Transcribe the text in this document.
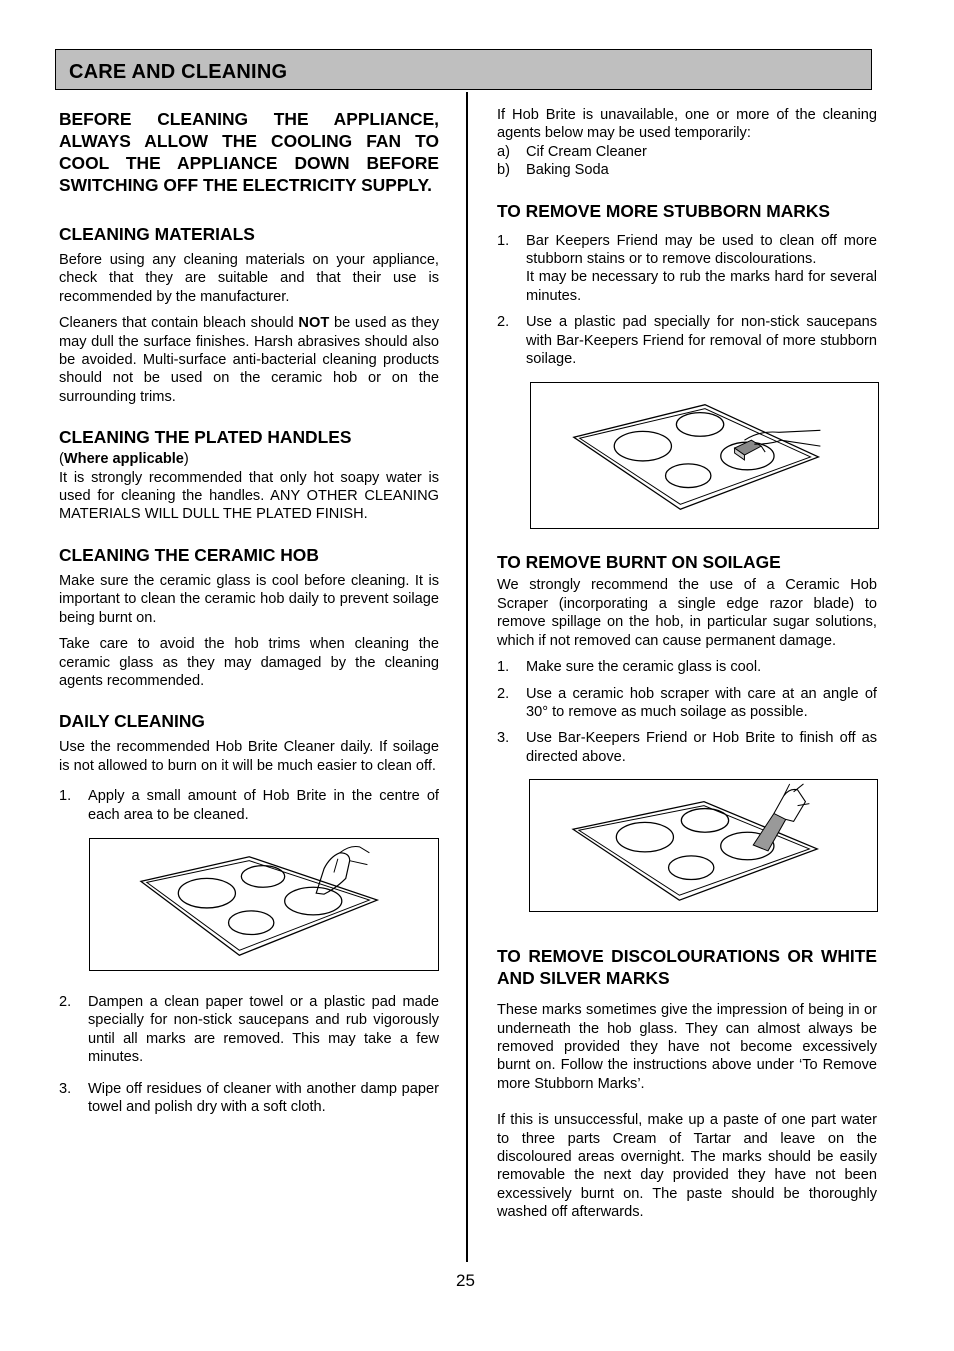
CARE AND CLEANING
BEFORE CLEANING THE APPLIANCE, ALWAYS ALLOW THE COOLING FAN TO COOL THE APPLIANCE DOWN BEFORE SWITCHING OFF THE ELECTRICITY SUPPLY.
CLEANING MATERIALS

Before using any cleaning materials on your appliance, check that they are suitable and that their use is recommended by the manufacturer.

Cleaners that contain bleach should NOT be used as they may dull the surface finishes. Harsh abrasives should also be avoided. Multi-surface anti-bacterial cleaning products should not be used on the ceramic hob or on the surrounding trims.

CLEANING THE PLATED HANDLES

(Where applicable)
It is strongly recommended that only hot soapy water is used for cleaning the handles. ANY OTHER CLEANING MATERIALS WILL DULL THE PLATED FINISH.

CLEANING THE CERAMIC HOB

Make sure the ceramic glass is cool before cleaning. It is important to clean the ceramic hob daily to prevent soilage being burnt on.

Take care to avoid the hob trims when cleaning the ceramic glass as they may damaged by the cleaning agents recommended.

DAILY CLEANING

Use the recommended Hob Brite Cleaner daily. If soilage is not allowed to burn on it will be much easier to clean off.

1.	Apply a small amount of Hob Brite in the centre of each area to be cleaned.
2.	Dampen a clean paper towel or a plastic pad made specially for non-stick saucepans and rub vigorously until all marks are removed. This may take a few minutes.
3.	Wipe off residues of cleaner with another damp paper towel and polish dry with a soft cloth.

If Hob Brite is unavailable, one or more of the cleaning agents below may be used temporarily:

a)	Cif Cream Cleaner
b)	Baking Soda
TO REMOVE MORE STUBBORN MARKS
1.	Bar Keepers Friend may be used to clean off more stubborn stains or to remove discolourations.
It may be necessary to rub the marks hard for several minutes.
2.	Use a plastic pad specially for non-stick saucepans with Bar-Keepers Friend for removal of more stubborn soilage.
TO REMOVE BURNT ON SOILAGE

We strongly recommend the use of a Ceramic Hob Scraper (incorporating a single edge razor blade) to remove spillage on the hob, in particular sugar solutions, which if not removed can cause permanent damage.

1.	Make sure the ceramic glass is cool.
2.	Use a ceramic hob scraper with care at an angle of 30° to remove as much soilage as possible.
3.	Use Bar-Keepers Friend or Hob Brite to finish off as directed above.
TO REMOVE DISCOLOURATIONS OR WHITE AND SILVER MARKS

These marks sometimes give the impression of being in or underneath the hob glass. They can almost always be removed provided they have not become excessively burnt on. Follow the instructions above under ‘To Remove more Stubborn Marks’.

If this is unsuccessful, make up a paste of one part water to three parts Cream of Tartar and leave on the discoloured areas overnight. The marks should be easily removable the next day provided they have not been excessively burnt on. The paste should be thoroughly washed off afterwards.

25
